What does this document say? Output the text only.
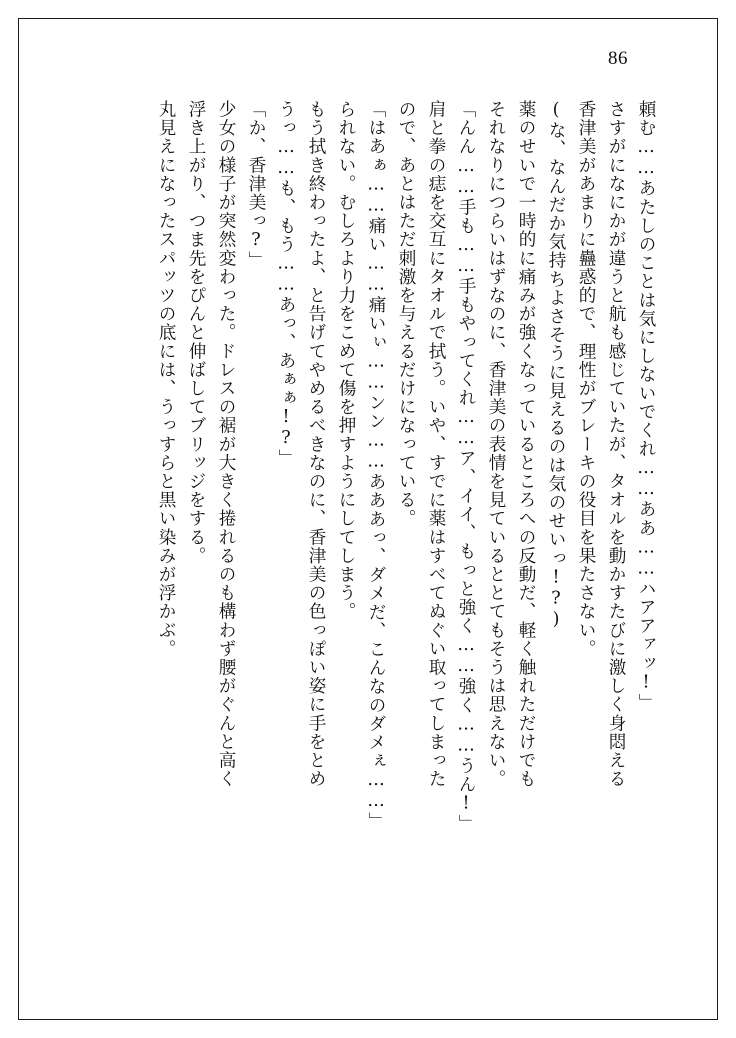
86
頼む……あたしのことは気にしないでくれ……ああ……ハアアァッ!」
さすがになにかが違うと航も感じていたが、タオルを動かすたびに激しく身悶える
香津美があまりに蠱惑的で、理性がブレーキの役目を果たさない。
(な、なんだか気持ちよさそうに見えるのは気のせいっ!?)
薬のせいで一時的に痛みが強くなっているところへの反動だ、軽く触れただけでも
それなりにつらいはずなのに、香津美の表情を見ているととてもそうは思えない。
「んん……手も……手もやってくれ……ア、イイ、もっと強く……強く……うん!」
肩と拳の痣を交互にタオルで拭う。いや、すでに薬はすべてぬぐい取ってしまった
ので、あとはただ刺激を与えるだけになっている。
「はあぁ……痛い……痛いぃ……ンン……あああっ、ダメだ、こんなのダメぇ……」
られない。むしろより力をこめて傷を押すようにしてしまう。
もう拭き終わったよ、と告げてやめるべきなのに、香津美の色っぽい姿に手をとめ
うっ……も、もう……あっ、あぁぁ!?」
「か、香津美っ?」
少女の様子が突然変わった。ドレスの裾が大きく捲れるのも構わず腰がぐんと高く
浮き上がり、つま先をぴんと伸ばしてブリッジをする。
丸見えになったスパッツの底には、うっすらと黒い染みが浮かぶ。
